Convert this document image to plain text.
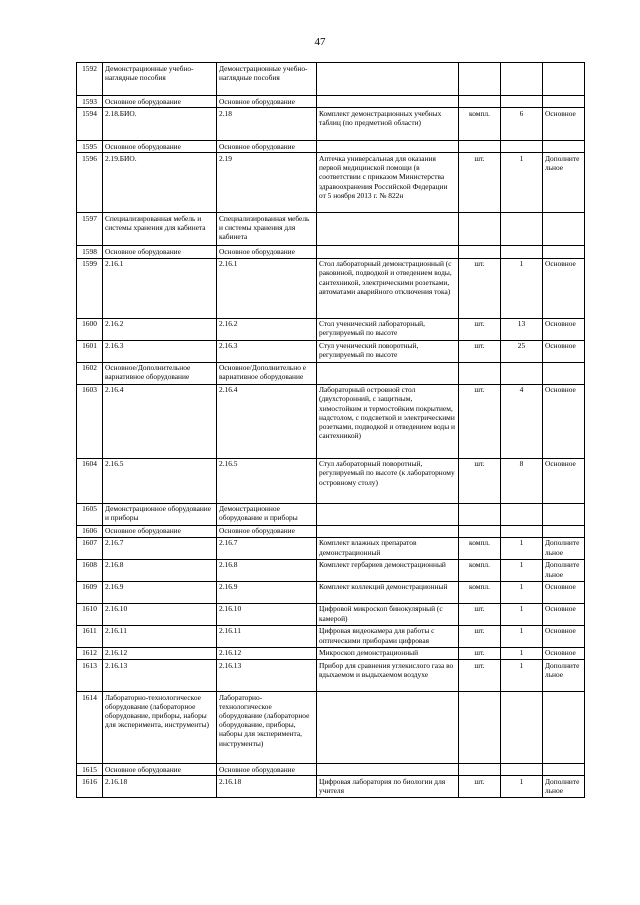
47
1592	Демонстрационные учебно-наглядные пособия	Демонстрационные учебно-наглядные пособия				
1593	Основное оборудование	Основное оборудование				
1594	2.18.БИО.	2.18	Комплект демонстрационных учебных таблиц (по предметной области)	компл.	6	Основное
1595	Основное оборудование	Основное оборудование				
1596	2.19.БИО.	2.19	Аптечка универсальная для оказания первой медицинской помощи (в соответствии с приказом Министерства здравоохранения Российской Федерации от 5 ноября 2013 г. № 822н	шт.	1	Дополнительное
1597	Специализированная мебель и системы хранения для кабинета	Специализированная мебель и системы хранения для кабинета				
1598	Основное оборудование	Основное оборудование				
1599	2.16.1	2.16.1	Стол лабораторный демонстрационный (с раковиной, подводкой и отведением воды, сантехникой, электрическими розетками, автоматами аварийного отключения тока)	шт.	1	Основное
1600	2.16.2	2.16.2	Стол ученический лабораторный, регулируемый по высоте	шт.	13	Основное
1601	2.16.3	2.16.3	Стул ученический поворотный, регулируемый по высоте	шт.	25	Основное
1602	Основное/Дополнительное вариативное оборудование	Основное/Дополнительно е вариативное оборудование				
1603	2.16.4	2.16.4	Лабораторный островной стол (двухсторонний, с защитным, химостойким и термостойким покрытием, надстолом, с подсветкой и электрическими розетками, подводкой и отведением воды и сантехникой)	шт.	4	Основное
1604	2.16.5	2.16.5	Стул лабораторный поворотный, регулируемый по высоте (к лабораторному островному столу)	шт.	8	Основное
1605	Демонстрационное оборудование и приборы	Демонстрационное оборудование и приборы				
1606	Основное оборудование	Основное оборудование				
1607	2.16.7	2.16.7	Комплект влажных препаратов демонстрационный	компл.	1	Дополнительное
1608	2.16.8	2.16.8	Комплект гербариев демонстрационный	компл.	1	Дополнительное
1609	2.16.9	2.16.9	Комплект коллекций демонстрационный	компл.	1	Основное
1610	2.16.10	2.16.10	Цифровой микроскоп бинокулярный (с камерой)	шт.	1	Основное
1611	2.16.11	2.16.11	Цифровая видеокамера для работы с оптическими приборами цифровая	шт.	1	Основное
1612	2.16.12	2.16.12	Микроскоп демонстрационный	шт.	1	Основное
1613	2.16.13	2.16.13	Прибор для сравнения углекислого газа во вдыхаемом и выдыхаемом воздухе	шт.	1	Дополнительное
1614	Лабораторно-технологическое оборудование (лабораторное оборудование, приборы, наборы для эксперимента, инструменты)	Лабораторно-технологическое оборудование (лабораторное оборудование, приборы, наборы для эксперимента, инструменты)				
1615	Основное оборудование	Основное оборудование				
1616	2.16.18	2.16.18	Цифровая лаборатория по биологии для учителя	шт.	1	Дополнительное
